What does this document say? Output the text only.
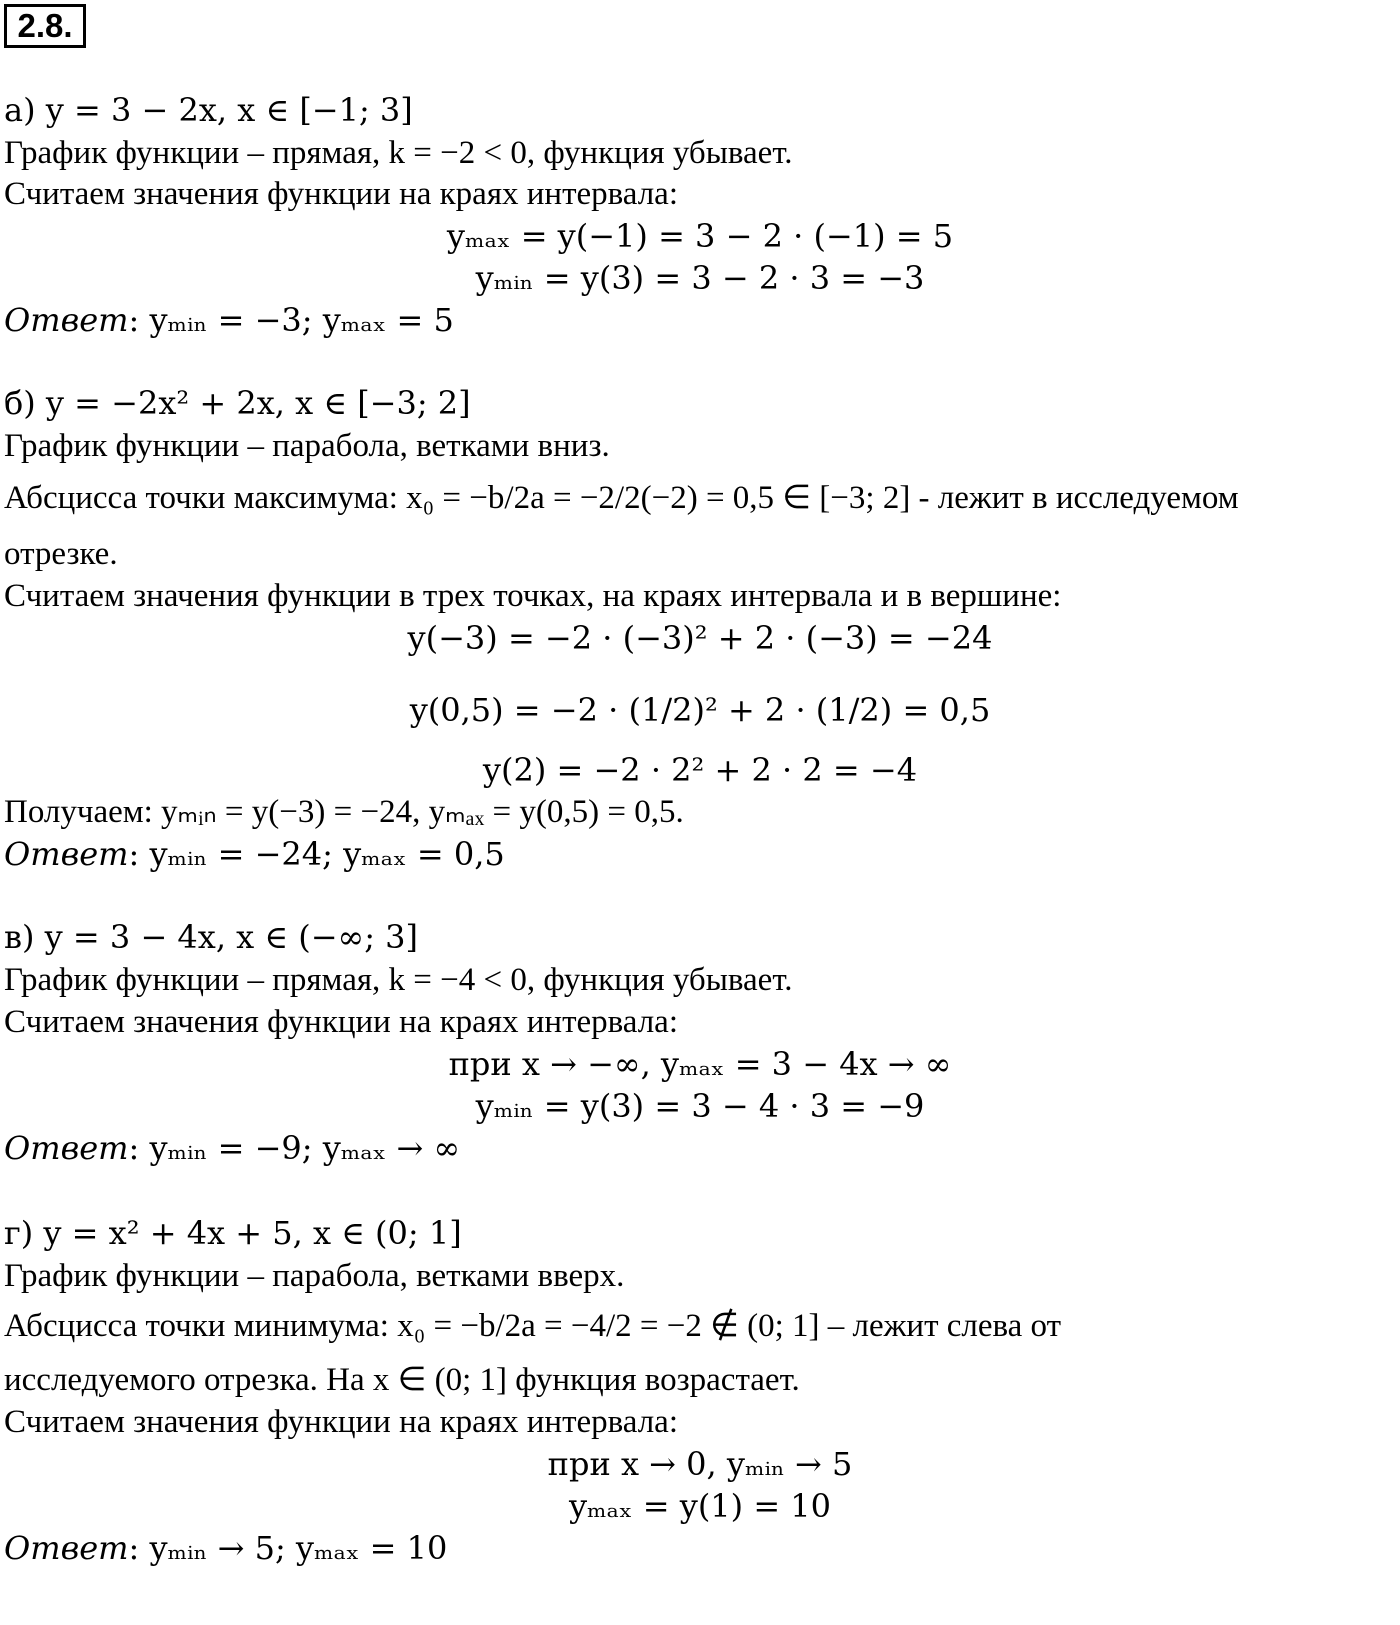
2.8.
а) y = 3 − 2x, x ∈ [−1; 3]
График функции – прямая, k = −2 < 0, функция убывает.
Считаем значения функции на краях интервала:
yₘₐₓ = y(−1) = 3 − 2 · (−1) = 5
yₘᵢₙ = y(3) = 3 − 2 · 3 = −3
Ответ: yₘᵢₙ = −3; yₘₐₓ = 5
б) y = −2x² + 2x, x ∈ [−3; 2]
График функции – парабола, ветками вниз.
Абсцисса точки максимума: x₀ = −b/2a = −2/2(−2) = 0,5 ∈ [−3; 2] - лежит в исследуемом
отрезке.
Считаем значения функции в трех точках, на краях интервала и в вершине:
y(−3) = −2 · (−3)² + 2 · (−3) = −24
y(0,5) = −2 · (1/2)² + 2 · (1/2) = 0,5
y(2) = −2 · 2² + 2 · 2 = −4
Получаем: yₘᵢₙ = y(−3) = −24, yₘₐₓ = y(0,5) = 0,5.
Ответ: yₘᵢₙ = −24; yₘₐₓ = 0,5
в) y = 3 − 4x, x ∈ (−∞; 3]
График функции – прямая, k = −4 < 0, функция убывает.
Считаем значения функции на краях интервала:
при x → −∞, yₘₐₓ = 3 − 4x → ∞
yₘᵢₙ = y(3) = 3 − 4 · 3 = −9
Ответ: yₘᵢₙ = −9; yₘₐₓ → ∞
г) y = x² + 4x + 5, x ∈ (0; 1]
График функции – парабола, ветками вверх.
Абсцисса точки минимума: x₀ = −b/2a = −4/2 = −2 ∉ (0; 1] – лежит слева от
исследуемого отрезка. На x ∈ (0; 1] функция возрастает.
Считаем значения функции на краях интервала:
при x → 0, yₘᵢₙ → 5
yₘₐₓ = y(1) = 10
Ответ: yₘᵢₙ → 5; yₘₐₓ = 10
